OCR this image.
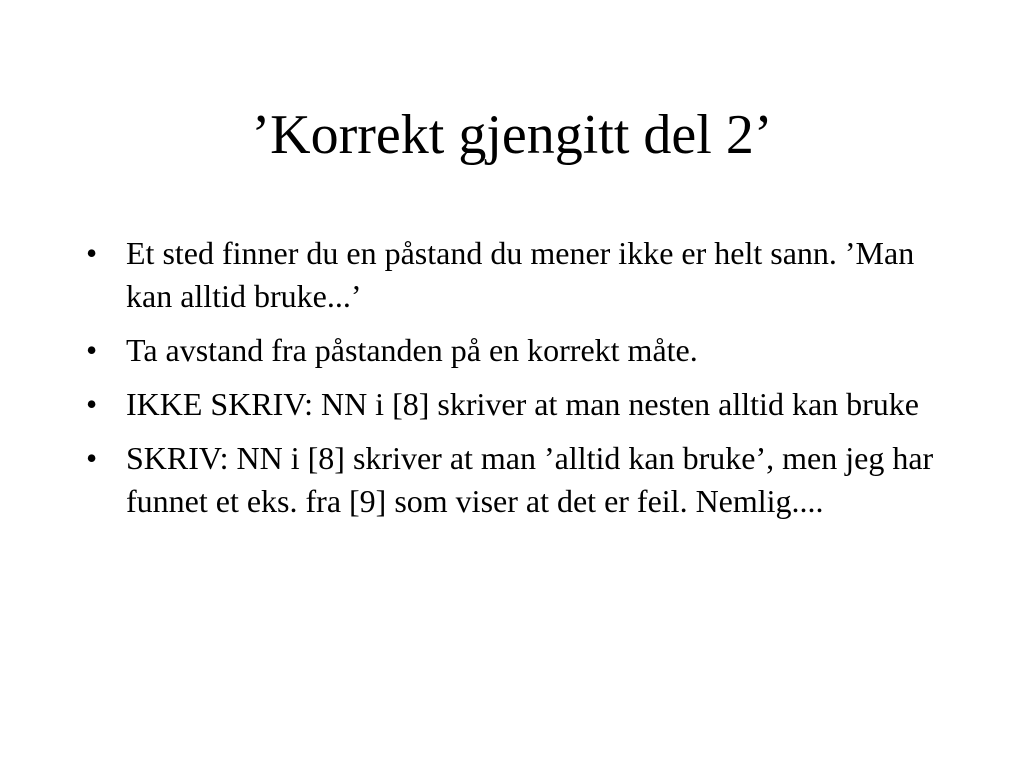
’Korrekt gjengitt del 2’
• Et sted finner du en påstand du mener ikke er helt sann. ’Man kan alltid bruke...’
• Ta avstand fra påstanden på en korrekt måte.
• IKKE SKRIV: NN i [8] skriver at man nesten alltid kan bruke
• SKRIV: NN i [8] skriver at man ’alltid kan bruke’, men jeg har funnet et eks. fra [9] som viser at det er feil. Nemlig....
